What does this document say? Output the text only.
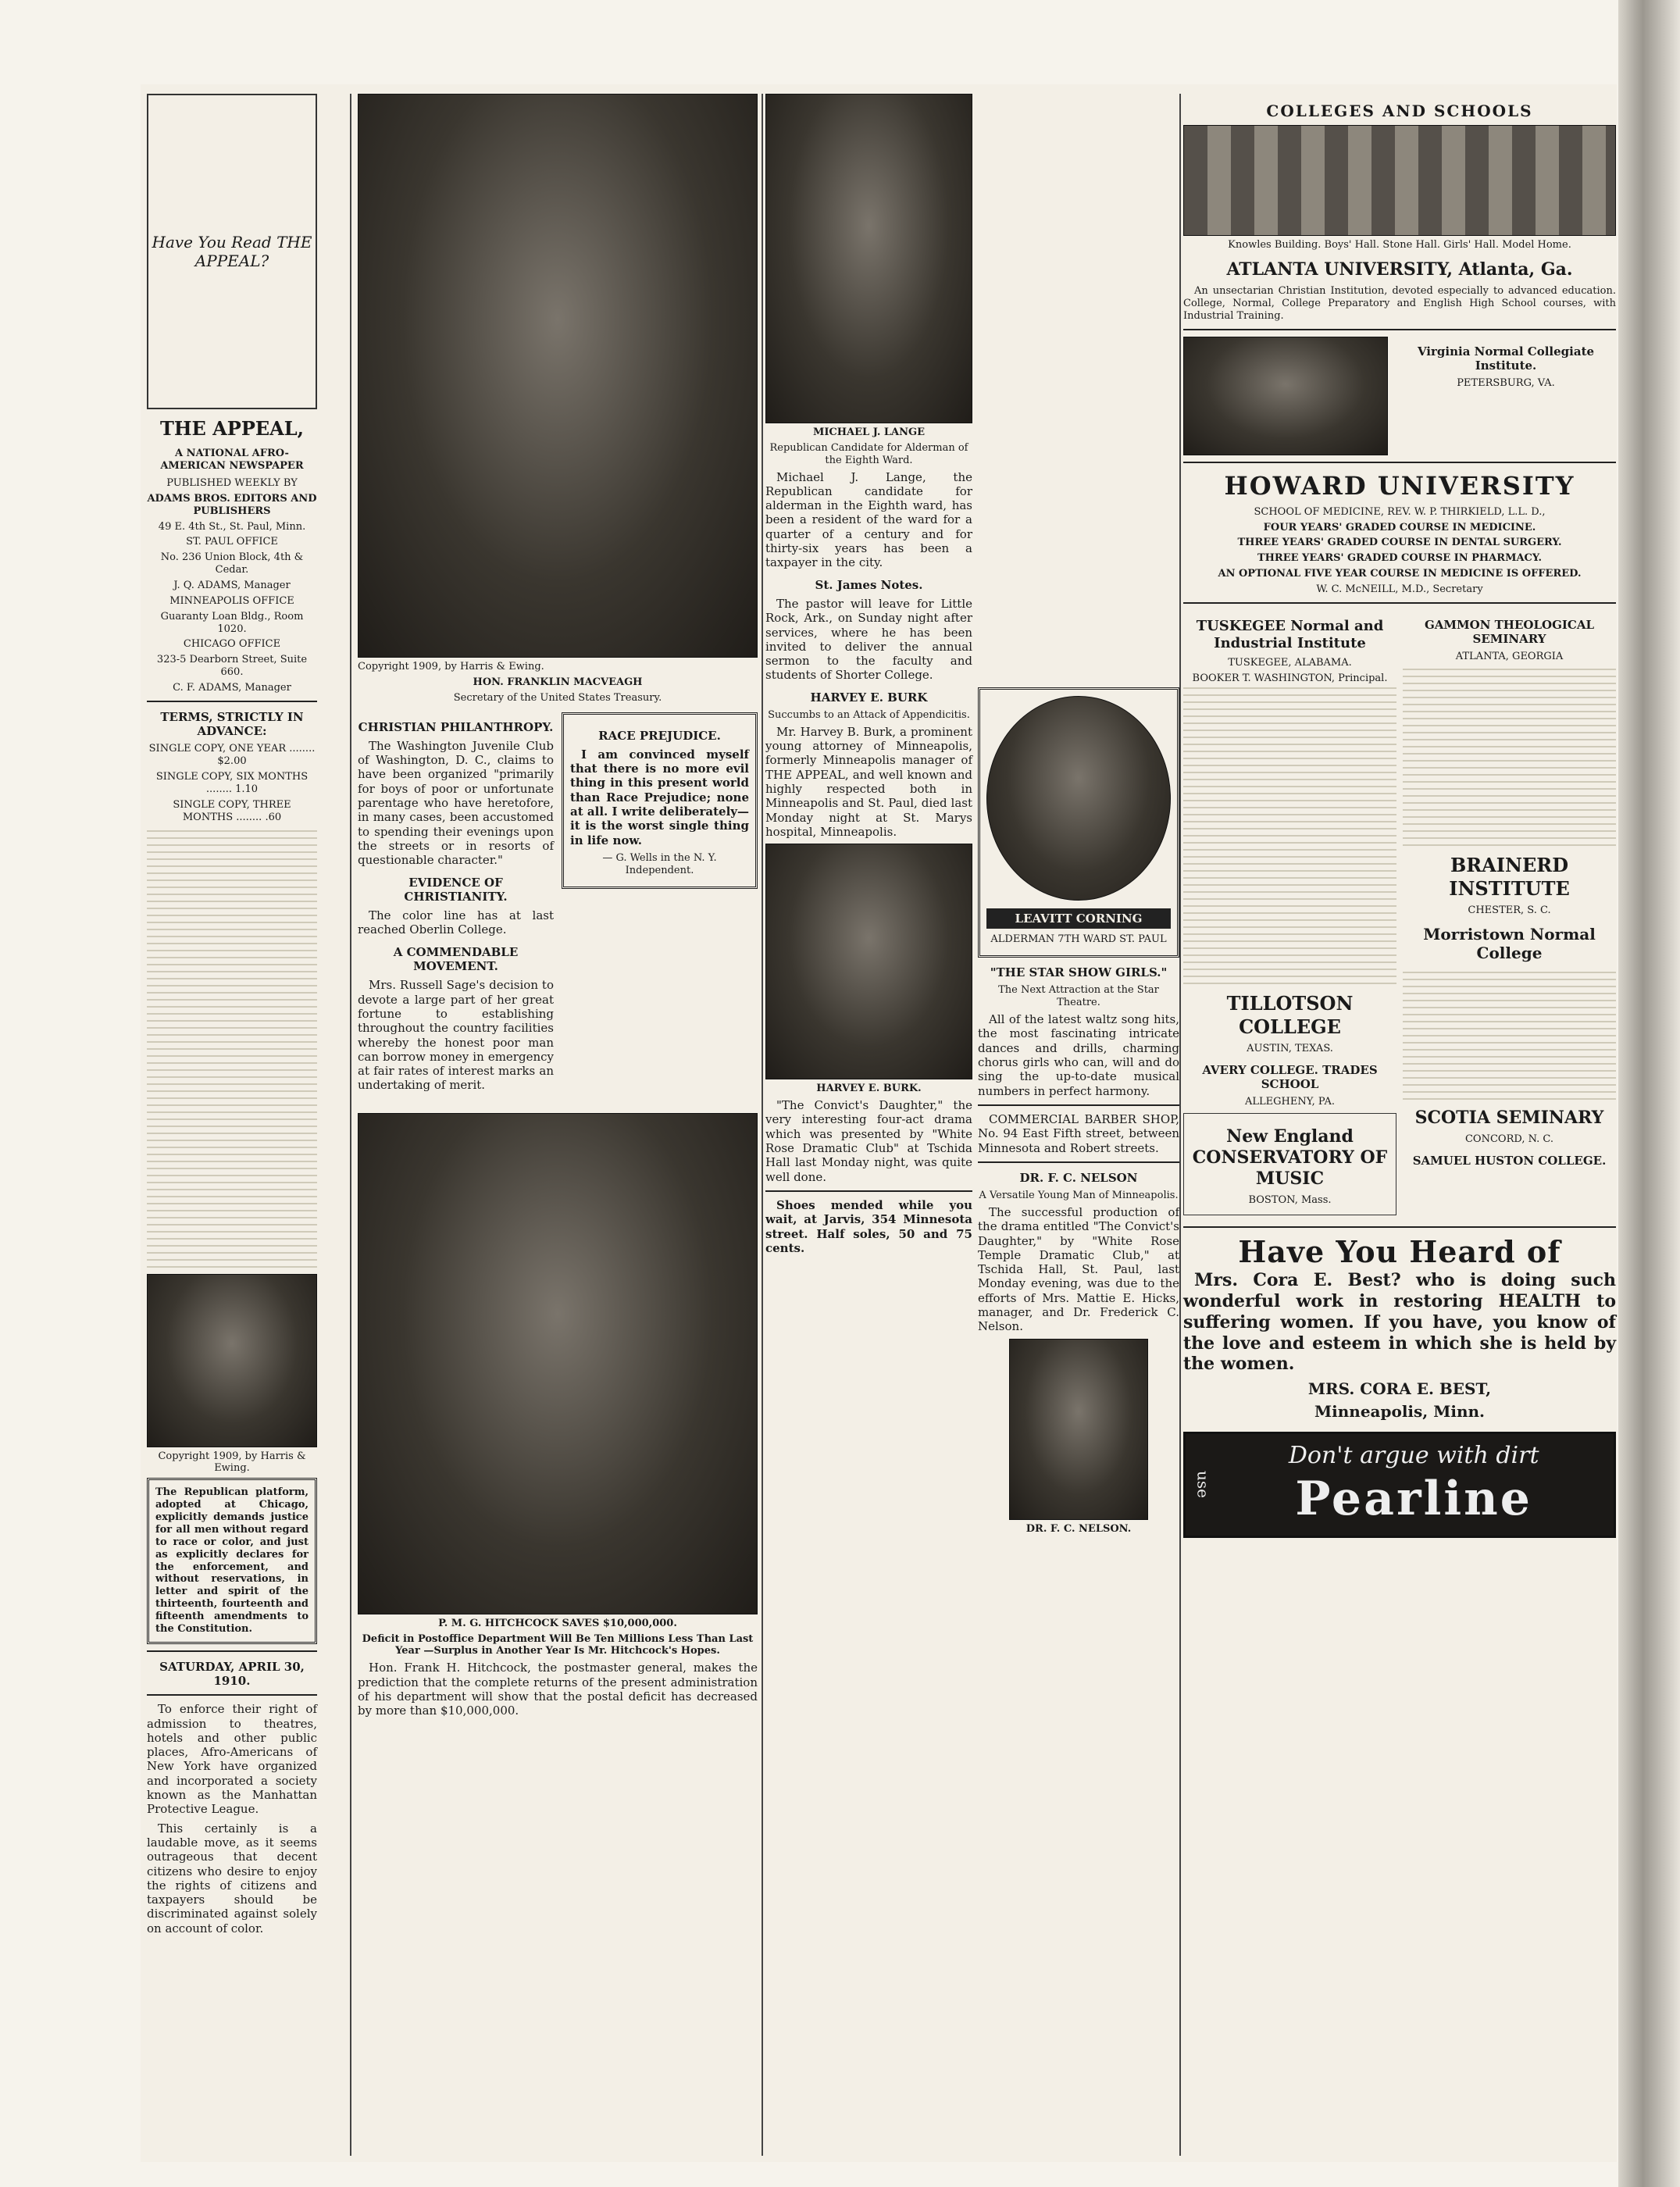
Have You Read THE APPEAL?
THE APPEAL,
A NATIONAL AFRO-AMERICAN NEWSPAPER
PUBLISHED WEEKLY BY
ADAMS BROS. EDITORS AND PUBLISHERS
49 E. 4th St., St. Paul, Minn.
ST. PAUL OFFICE
No. 236 Union Block, 4th & Cedar.
J. Q. ADAMS, Manager
MINNEAPOLIS OFFICE
Guaranty Loan Bldg., Room 1020.
CHICAGO OFFICE
323-5 Dearborn Street, Suite 660.
C. F. ADAMS, Manager
TERMS, STRICTLY IN ADVANCE:
SINGLE COPY, ONE YEAR ........ $2.00
SINGLE COPY, SIX MONTHS ........ 1.10
SINGLE COPY, THREE MONTHS ........ .60
Copyright 1909, by Harris & Ewing.
The Republican platform, adopted at Chicago, explicitly demands justice for all men without regard to race or color, and just as explicitly declares for the enforcement, and without reservations, in letter and spirit of the thirteenth, fourteenth and fifteenth amendments to the Constitution.
SATURDAY, APRIL 30, 1910.

To enforce their right of admission to theatres, hotels and other public places, Afro-Americans of New York have organized and incorporated a society known as the Manhattan Protective League.

This certainly is a laudable move, as it seems outrageous that decent citizens who desire to enjoy the rights of citizens and taxpayers should be discriminated against solely on account of color.

Copyright 1909, by Harris & Ewing.
HON. FRANKLIN MACVEAGH
Secretary of the United States Treasury.
CHRISTIAN PHILANTHROPY.

The Washington Juvenile Club of Washington, D. C., claims to have been organized "primarily for boys of poor or unfortunate parentage who have heretofore, in many cases, been accustomed to spending their evenings upon the streets or in resorts of questionable character."

EVIDENCE OF CHRISTIANITY.

The color line has at last reached Oberlin College.

A COMMENDABLE MOVEMENT.

Mrs. Russell Sage's decision to devote a large part of her great fortune to establishing throughout the country facilities whereby the honest poor man can borrow money in emergency at fair rates of interest marks an undertaking of merit.

RACE PREJUDICE.

I am convinced myself that there is no more evil thing in this present world than Race Prejudice; none at all. I write deliberately—it is the worst single thing in life now.

— G. Wells in the N. Y. Independent.
P. M. G. HITCHCOCK SAVES $10,000,000.
Deficit in Postoffice Department Will Be Ten Millions Less Than Last Year —Surplus in Another Year Is Mr. Hitchcock's Hopes.

Hon. Frank H. Hitchcock, the postmaster general, makes the prediction that the complete returns of the present administration of his department will show that the postal deficit has decreased by more than $10,000,000.

MICHAEL J. LANGE
Republican Candidate for Alderman of the Eighth Ward.

Michael J. Lange, the Republican candidate for alderman in the Eighth ward, has been a resident of the ward for a quarter of a century and for thirty-six years has been a taxpayer in the city.

St. James Notes.

The pastor will leave for Little Rock, Ark., on Sunday night after services, where he has been invited to deliver the annual sermon to the faculty and students of Shorter College.

HARVEY E. BURK
Succumbs to an Attack of Appendicitis.

Mr. Harvey B. Burk, a prominent young attorney of Minneapolis, formerly Minneapolis manager of THE APPEAL, and well known and highly respected both in Minneapolis and St. Paul, died last Monday night at St. Marys hospital, Minneapolis.

HARVEY E. BURK.

"The Convict's Daughter," the very interesting four-act drama which was presented by "White Rose Dramatic Club" at Tschida Hall last Monday night, was quite well done.

Shoes mended while you wait, at Jarvis, 354 Minnesota street. Half soles, 50 and 75 cents.

LEAVITT CORNING
ALDERMAN 7TH WARD ST. PAUL
"THE STAR SHOW GIRLS."
The Next Attraction at the Star Theatre.

All of the latest waltz song hits, the most fascinating intricate dances and drills, charming chorus girls who can, will and do sing the up-to-date musical numbers in perfect harmony.

COMMERCIAL BARBER SHOP, No. 94 East Fifth street, between Minnesota and Robert streets.

DR. F. C. NELSON
A Versatile Young Man of Minneapolis.

The successful production of the drama entitled "The Convict's Daughter," by "White Rose Temple Dramatic Club," at Tschida Hall, St. Paul, last Monday evening, was due to the efforts of Mrs. Mattie E. Hicks, manager, and Dr. Frederick C. Nelson.

DR. F. C. NELSON.
COLLEGES AND SCHOOLS
Knowles Building. Boys' Hall. Stone Hall. Girls' Hall. Model Home.
ATLANTA UNIVERSITY, Atlanta, Ga.

An unsectarian Christian Institution, devoted especially to advanced education. College, Normal, College Preparatory and English High School courses, with Industrial Training.

Virginia Normal Collegiate Institute.
PETERSBURG, VA.
HOWARD UNIVERSITY
SCHOOL OF MEDICINE, REV. W. P. THIRKIELD, L.L. D.,
FOUR YEARS' GRADED COURSE IN MEDICINE.
THREE YEARS' GRADED COURSE IN DENTAL SURGERY.
THREE YEARS' GRADED COURSE IN PHARMACY.
AN OPTIONAL FIVE YEAR COURSE IN MEDICINE IS OFFERED.
W. C. McNEILL, M.D., Secretary
TUSKEGEE Normal and Industrial Institute
TUSKEGEE, ALABAMA.
BOOKER T. WASHINGTON, Principal.
TILLOTSON COLLEGE
AUSTIN, TEXAS.
AVERY COLLEGE. TRADES SCHOOL
ALLEGHENY, PA.
New England CONSERVATORY OF MUSIC
BOSTON, Mass.
GAMMON THEOLOGICAL SEMINARY
ATLANTA, GEORGIA
BRAINERD INSTITUTE
CHESTER, S. C.
Morristown Normal College
SCOTIA SEMINARY
CONCORD, N. C.
SAMUEL HUSTON COLLEGE.
Have You Heard of

Mrs. Cora E. Best? who is doing such wonderful work in restoring HEALTH to suffering women. If you have, you know of the love and esteem in which she is held by the women.

MRS. CORA E. BEST,
Minneapolis, Minn.
use
Don't argue with dirt
Pearline
